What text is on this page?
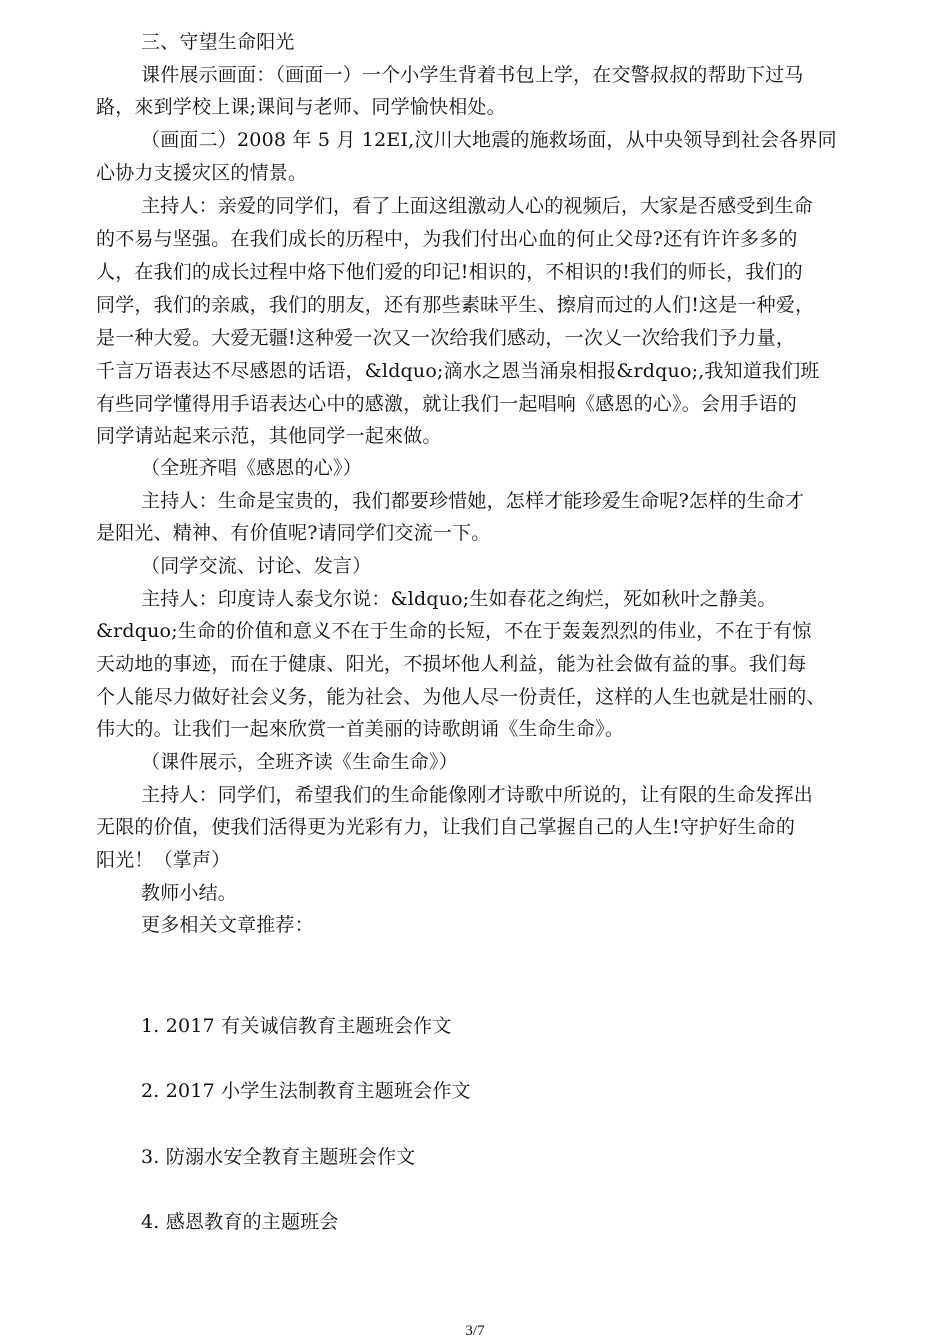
三、守望生命阳光
课件展示画面：（画面一）一个小学生背着书包上学，在交警叔叔的帮助下过马
路，來到学校上课;课间与老师、同学愉快相处。
（画面二）2008 年 5 月 12EI,汶川大地震的施救场面，从中央领导到社会各界同
心协力支援灾区的情景。
主持人：亲爱的同学们，看了上面这组激动人心的视频后，大家是否感受到生命
的不易与坚强。在我们成长的历程中，为我们付出心血的何止父母?还有许许多多的
人，在我们的成长过程中烙下他们爱的印记!相识的，不相识的!我们的师长，我们的
同学，我们的亲戚，我们的朋友，还有那些素昧平生、擦肩而过的人们!这是一种爱，
是一种大爱。大爱无疆!这种爱一次又一次给我们感动，一次乂一次给我们予力量，
千言万语表达不尽感恩的话语，&ldquo;滴水之恩当涌泉相报&rdquo;,我知道我们班
有些同学懂得用手语表达心中的感激，就让我们一起唱响《感恩的心》。会用手语的
同学请站起来示范，其他同学一起來做。
（全班齐唱《感恩的心》）
主持人：生命是宝贵的，我们都要珍惜她，怎样才能珍爱生命呢?怎样的生命才
是阳光、精神、有价值呢?请同学们交流一下。
（同学交流、讨论、发言）
主持人：印度诗人泰戈尔说：&ldquo;生如春花之绚烂，死如秋叶之静美。
&rdquo;生命的价值和意义不在于生命的长短，不在于轰轰烈烈的伟业，不在于有惊
天动地的事迹，而在于健康、阳光，不损坏他人利益，能为社会做有益的事。我们每
个人能尽力做好社会义务，能为社会、为他人尽一份责任，这样的人生也就是壮丽的、
伟大的。让我们一起來欣赏一首美丽的诗歌朗诵《生命生命》。
（课件展示，全班齐读《生命生命》）
主持人：同学们，希望我们的生命能像刚才诗歌中所说的，让有限的生命发挥出
无限的价值，使我们活得更为光彩有力，让我们自己掌握自己的人生!守护好生命的
阳光！（掌声）
教师小结。
更多相关文章推荐：
1. 2017 有关诚信教育主题班会作文
2. 2017 小学生法制教育主题班会作文
3. 防溺水安全教育主题班会作文
4. 感恩教育的主题班会
3/7
